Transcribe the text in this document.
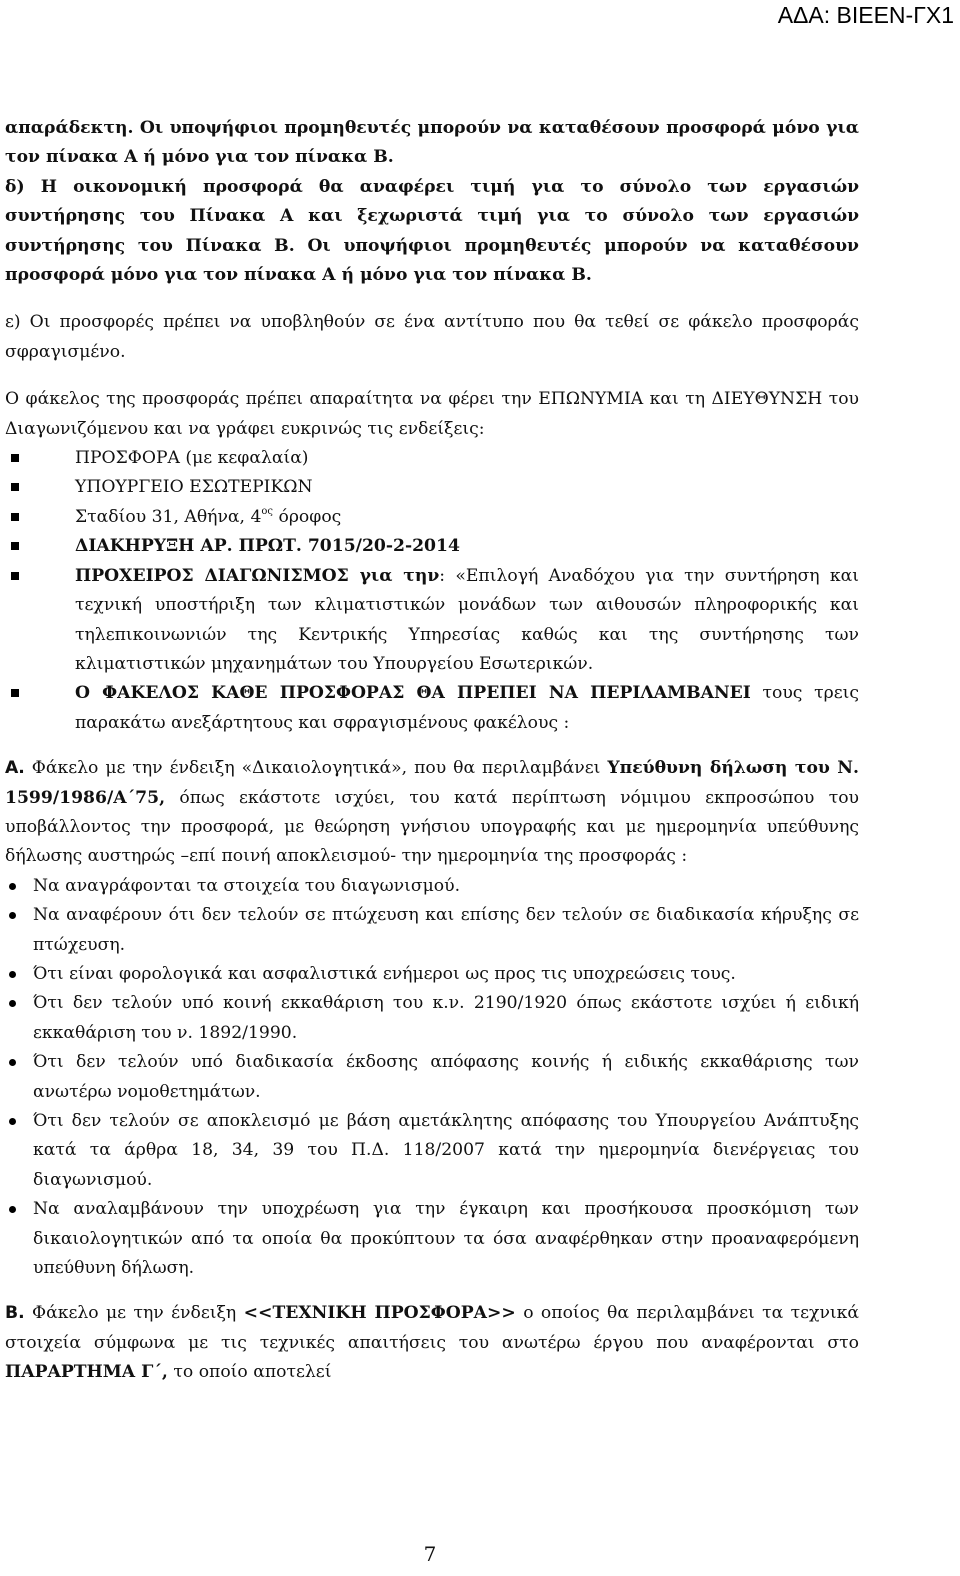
ΑΔΑ: ΒΙΕΕΝ-ΓΧ1

απαράδεκτη. Οι υποψήφιοι προμηθευτές μπορούν να καταθέσουν προσφορά μόνο για τον πίνακα Α ή μόνο για τον πίνακα Β.

δ) Η οικονομική προσφορά θα αναφέρει τιμή για το σύνολο των εργασιών συντήρησης του Πίνακα Α και ξεχωριστά τιμή για το σύνολο των εργασιών συντήρησης του Πίνακα Β. Οι υποψήφιοι προμηθευτές μπορούν να καταθέσουν προσφορά μόνο για τον πίνακα Α ή μόνο για τον πίνακα Β.

ε) Οι προσφορές πρέπει να υποβληθούν σε ένα αντίτυπο που θα τεθεί σε φάκελο προσφοράς σφραγισμένο.

Ο φάκελος της προσφοράς πρέπει απαραίτητα να φέρει την ΕΠΩΝΥΜΙΑ και τη ΔΙΕΥΘΥΝΣΗ του Διαγωνιζόμενου και να γράφει ευκρινώς τις ενδείξεις:

ΠΡΟΣΦΟΡΑ (με κεφαλαία)
ΥΠΟΥΡΓΕΙΟ ΕΣΩΤΕΡΙΚΩΝ
Σταδίου 31, Αθήνα, $4^{o\varsigma}$ όροφος
ΔΙΑΚΗΡΥΞΗ ΑΡ. ΠΡΩΤ. 7015/20-2-2014
ΠΡΟΧΕΙΡΟΣ ΔΙΑΓΩΝΙΣΜΟΣ για την: «Επιλογή Αναδόχου για την συντήρηση και τεχνική υποστήριξη των κλιματιστικών μονάδων των αιθουσών πληροφορικής και τηλεπικοινωνιών της Κεντρικής Υπηρεσίας καθώς και της συντήρησης των κλιματιστικών μηχανημάτων του Υπουργείου Εσωτερικών.
Ο ΦΑΚΕΛΟΣ ΚΑΘΕ ΠΡΟΣΦΟΡΑΣ ΘΑ ΠΡΕΠΕΙ ΝΑ ΠΕΡΙΛΑΜΒΑΝΕΙ τους τρεις παρακάτω ανεξάρτητους και σφραγισμένους φακέλους :

Α. Φάκελο με την ένδειξη «Δικαιολογητικά», που θα περιλαμβάνει Υπεύθυνη δήλωση του Ν. 1599/1986/Α΄75, όπως εκάστοτε ισχύει, του κατά περίπτωση νόμιμου εκπροσώπου του υποβάλλοντος την προσφορά, με θεώρηση γνήσιου υπογραφής και με ημερομηνία υπεύθυνης δήλωσης αυστηρώς –επί ποινή αποκλεισμού- την ημερομηνία της προσφοράς :

Να αναγράφονται τα στοιχεία του διαγωνισμού.
Να αναφέρουν ότι δεν τελούν σε πτώχευση και επίσης δεν τελούν σε διαδικασία κήρυξης σε πτώχευση.
Ότι είναι φορολογικά και ασφαλιστικά ενήμεροι ως προς τις υποχρεώσεις τους.
Ότι δεν τελούν υπό κοινή εκκαθάριση του κ.ν. 2190/1920 όπως εκάστοτε ισχύει ή ειδική εκκαθάριση του ν. 1892/1990.
Ότι δεν τελούν υπό διαδικασία έκδοσης απόφασης κοινής ή ειδικής εκκαθάρισης των ανωτέρω νομοθετημάτων.
Ότι δεν τελούν σε αποκλεισμό με βάση αμετάκλητης απόφασης του Υπουργείου Ανάπτυξης κατά τα άρθρα 18, 34, 39 του Π.Δ. 118/2007 κατά την ημερομηνία διενέργειας του διαγωνισμού.
Να αναλαμβάνουν την υποχρέωση για την έγκαιρη και προσήκουσα προσκόμιση των δικαιολογητικών από τα οποία θα προκύπτουν τα όσα αναφέρθηκαν στην προαναφερόμενη υπεύθυνη δήλωση.

Β. Φάκελο με την ένδειξη <<ΤΕΧΝΙΚΗ ΠΡΟΣΦΟΡΑ>> ο οποίος θα περιλαμβάνει τα τεχνικά στοιχεία σύμφωνα με τις τεχνικές απαιτήσεις του ανωτέρω έργου που αναφέρονται στο ΠΑΡΑΡΤΗΜΑ Γ΄, το οποίο αποτελεί

7
